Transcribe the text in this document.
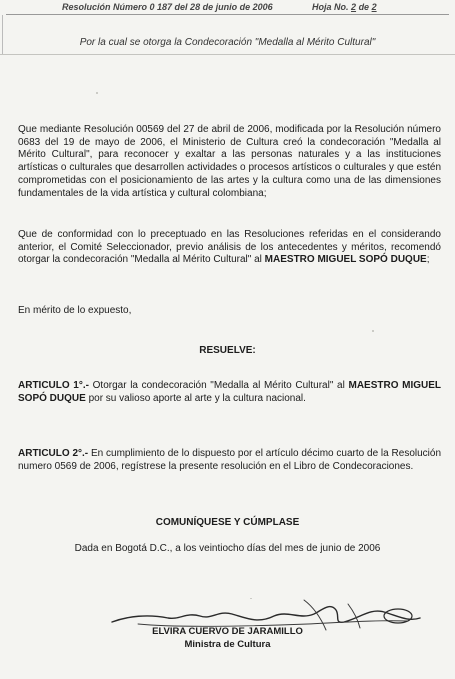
Resolución Número 0 187 del 28 de junio de 2006	Hoja No. 2 de 2
Por la cual se otorga la Condecoración "Medalla al Mérito Cultural"

Que mediante Resolución 00569 del 27 de abril de 2006, modificada por la Resolución número 0683 del 19 de mayo de 2006, el Ministerio de Cultura creó la condecoración "Medalla al Mérito Cultural", para reconocer y exaltar a las personas naturales y a las instituciones artísticas o culturales que desarrollen actividades o procesos artísticos o culturales y que estén comprometidas con el posicionamiento de las artes y la cultura como una de las dimensiones fundamentales de la vida artística y cultural colombiana;

Que de conformidad con lo preceptuado en las Resoluciones referidas en el considerando anterior, el Comité Seleccionador, previo análisis de los antecedentes y méritos, recomendó otorgar la condecoración "Medalla al Mérito Cultural" al MAESTRO MIGUEL SOPÓ DUQUE;

En mérito de lo expuesto,

RESUELVE:

ARTICULO 1°.- Otorgar la condecoración "Medalla al Mérito Cultural" al MAESTRO MIGUEL SOPÓ DUQUE por su valioso aporte al arte y la cultura nacional.

ARTICULO 2°.- En cumplimiento de lo dispuesto por el artículo décimo cuarto de la Resolución numero 0569 de 2006, regístrese la presente resolución en el Libro de Condecoraciones.

COMUNÍQUESE Y CÚMPLASE
Dada en Bogotá D.C., a los veintiocho días del mes de junio de 2006
ELVIRA CUERVO DE JARAMILLO
Ministra de Cultura
